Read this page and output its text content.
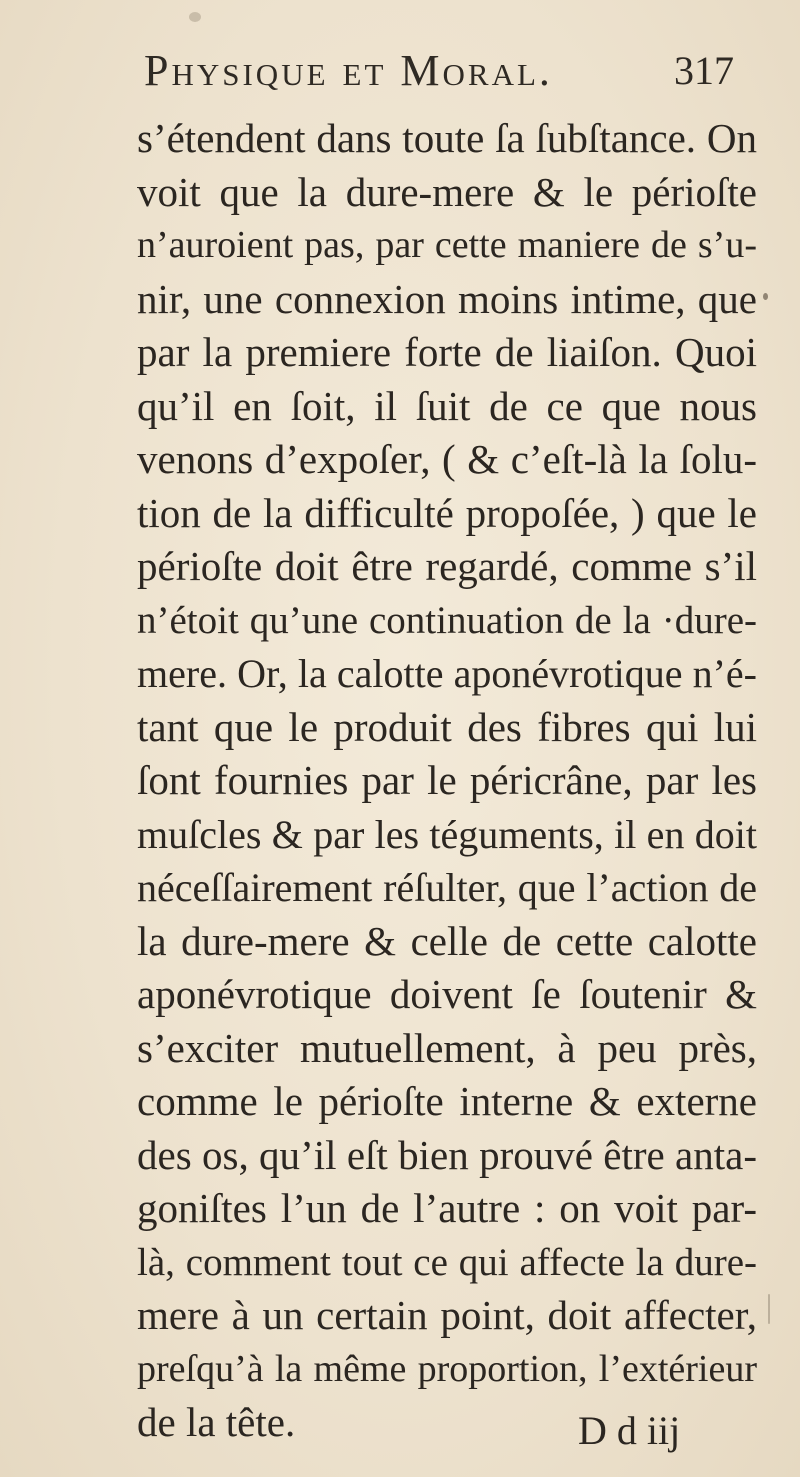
Physique et Moral.	317
s’étendent dans toute ſa ſubſtance. On
voit que la dure-mere & le périoſte
n’auroient pas, par cette maniere de s’u-
nir, une connexion moins intime, que
par la premiere forte de liaiſon. Quoi
qu’il en ſoit, il ſuit de ce que nous
venons d’expoſer, ( & c’eſt-là la ſolu-
tion de la difficulté propoſée, ) que le
périoſte doit être regardé, comme s’il
n’étoit qu’une continuation de la ·dure-
mere. Or, la calotte aponévrotique n’é-
tant que le produit des fibres qui lui
ſont fournies par le péricrâne, par les
muſcles & par les téguments, il en doit
néceſſairement réſulter, que l’action de
la dure-mere & celle de cette calotte
aponévrotique doivent ſe ſoutenir &
s’exciter mutuellement, à peu près,
comme le périoſte interne & externe
des os, qu’il eſt bien prouvé être anta-
goniſtes l’un de l’autre : on voit par-
là, comment tout ce qui affecte la dure-
mere à un certain point, doit affecter,
preſqu’à la même proportion, l’extérieur
de la tête.	D d iij
